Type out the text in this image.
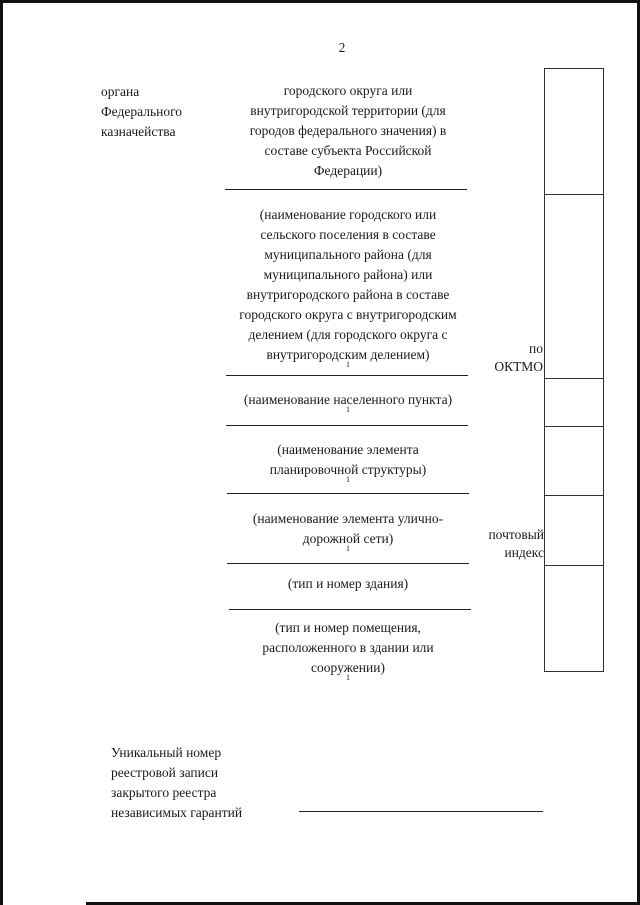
2
органа
Федерального
казначейства
городского округа или
внутригородской территории (для
городов федерального значения) в
составе субъекта Российской
Федерации)
(наименование городского или
сельского поселения в составе
муниципального района (для
муниципального района) или
внутригородского района в составе
городского округа с внутригородским
делением (для городского округа с
внутригородским делением)
1
(наименование населенного пункта)
1
(наименование элемента
планировочной структуры)
1
(наименование элемента улично-
дорожной сети)
1
(тип и номер здания)
(тип и номер помещения,
расположенного в здании или
сооружении)
1
по
ОКТМО
почтовый
индекс
Уникальный номер
реестровой записи
закрытого реестра
независимых гарантий
